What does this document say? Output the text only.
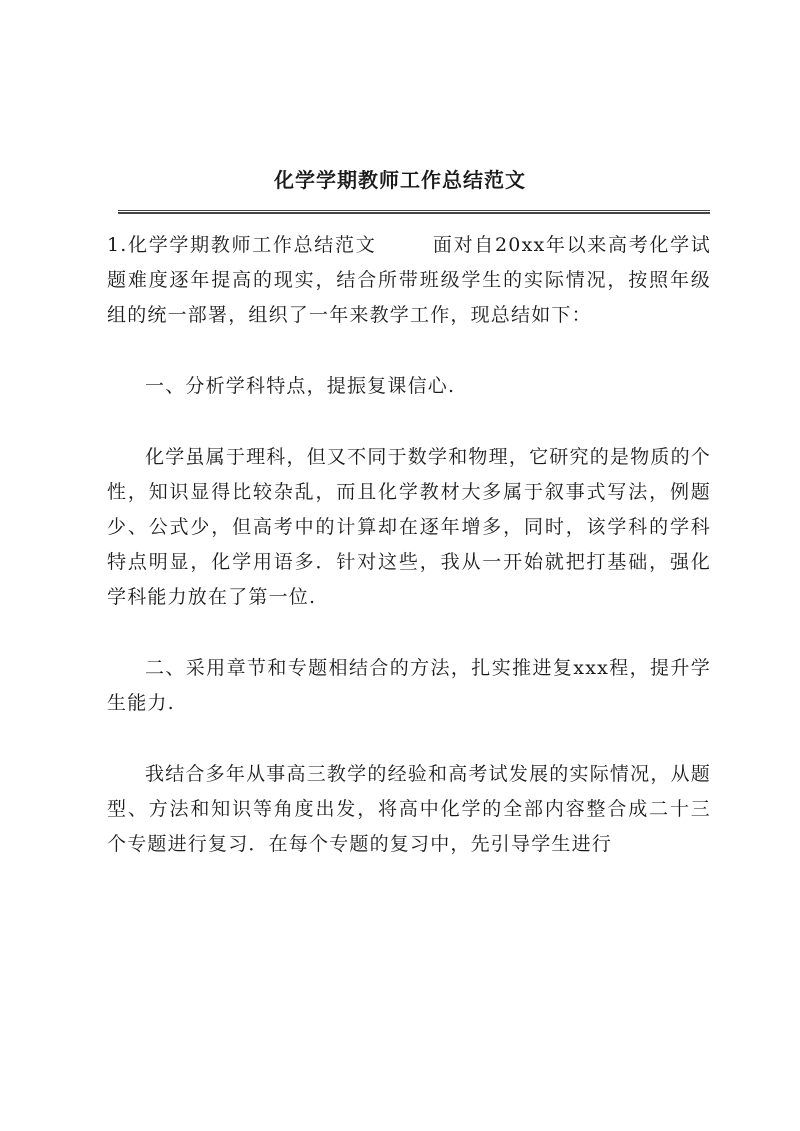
化学学期教师工作总结范文

1.化学学期教师工作总结范文	面对自20xx年以来高考化学试题难度逐年提高的现实，结合所带班级学生的实际情况，按照年级组的统一部署，组织了一年来教学工作，现总结如下：

一、分析学科特点，提振复课信心.

化学虽属于理科，但又不同于数学和物理，它研究的是物质的个性，知识显得比较杂乱，而且化学教材大多属于叙事式写法，例题少、公式少，但高考中的计算却在逐年增多，同时，该学科的学科特点明显，化学用语多．针对这些，我从一开始就把打基础，强化学科能力放在了第一位.

二、采用章节和专题相结合的方法，扎实推进复xxx程，提升学生能力.

我结合多年从事高三教学的经验和高考试发展的实际情况，从题型、方法和知识等角度出发，将高中化学的全部内容整合成二十三个专题进行复习．在每个专题的复习中，先引导学生进行
